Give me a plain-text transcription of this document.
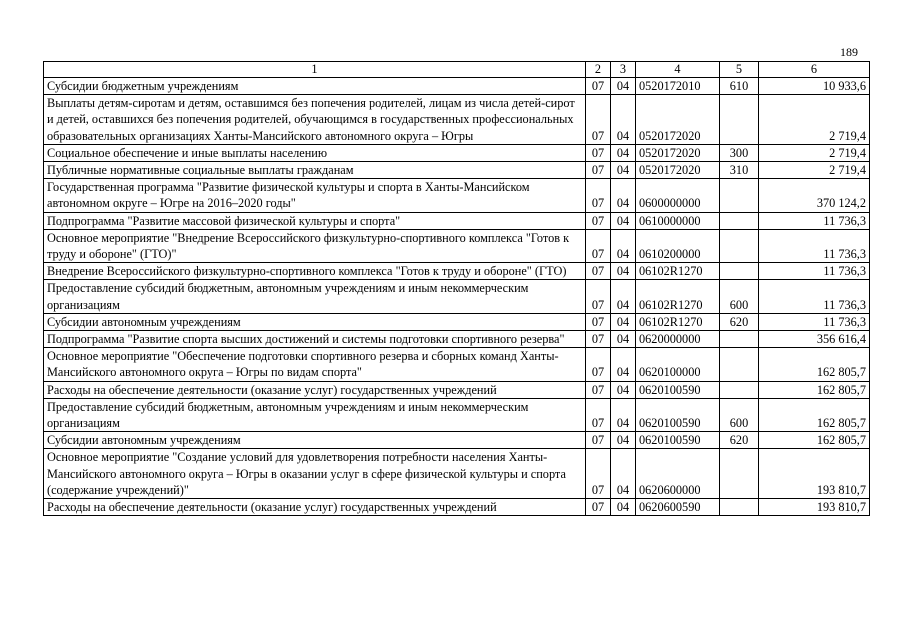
189
1	2	3	4	5	6
Субсидии бюджетным учреждениям	07	04	0520172010	610	10 933,6
Выплаты детям-сиротам и детям, оставшимся без попечения родителей, лицам из числа детей-сирот и детей, оставшихся без попечения родителей, обучающимся в государственных профессиональных образовательных организациях Ханты-Мансийского автономного округа – Югры	07	04	0520172020		2 719,4
Социальное обеспечение и иные выплаты населению	07	04	0520172020	300	2 719,4
Публичные нормативные социальные выплаты гражданам	07	04	0520172020	310	2 719,4
Государственная программа "Развитие физической культуры и спорта в Ханты-Мансийском автономном округе – Югре на 2016–2020 годы"	07	04	0600000000		370 124,2
Подпрограмма "Развитие массовой физической культуры и спорта"	07	04	0610000000		11 736,3
Основное мероприятие "Внедрение Всероссийского физкультурно-спортивного комплекса "Готов к труду и обороне" (ГТО)"	07	04	0610200000		11 736,3
Внедрение Всероссийского физкультурно-спортивного комплекса "Готов к труду и обороне" (ГТО)	07	04	06102R1270		11 736,3
Предоставление субсидий бюджетным, автономным учреждениям и иным некоммерческим организациям	07	04	06102R1270	600	11 736,3
Субсидии автономным учреждениям	07	04	06102R1270	620	11 736,3
Подпрограмма "Развитие спорта высших достижений и системы подготовки спортивного резерва"	07	04	0620000000		356 616,4
Основное мероприятие "Обеспечение подготовки спортивного резерва и сборных команд Ханты-Мансийского автономного округа – Югры по видам спорта"	07	04	0620100000		162 805,7
Расходы на обеспечение деятельности (оказание услуг) государственных учреждений	07	04	0620100590		162 805,7
Предоставление субсидий бюджетным, автономным учреждениям и иным некоммерческим организациям	07	04	0620100590	600	162 805,7
Субсидии автономным учреждениям	07	04	0620100590	620	162 805,7
Основное мероприятие "Создание условий для удовлетворения потребности населения Ханты-Мансийского автономного округа – Югры в оказании услуг в сфере физической культуры и спорта (содержание учреждений)"	07	04	0620600000		193 810,7
Расходы на обеспечение деятельности (оказание услуг) государственных учреждений	07	04	0620600590		193 810,7
